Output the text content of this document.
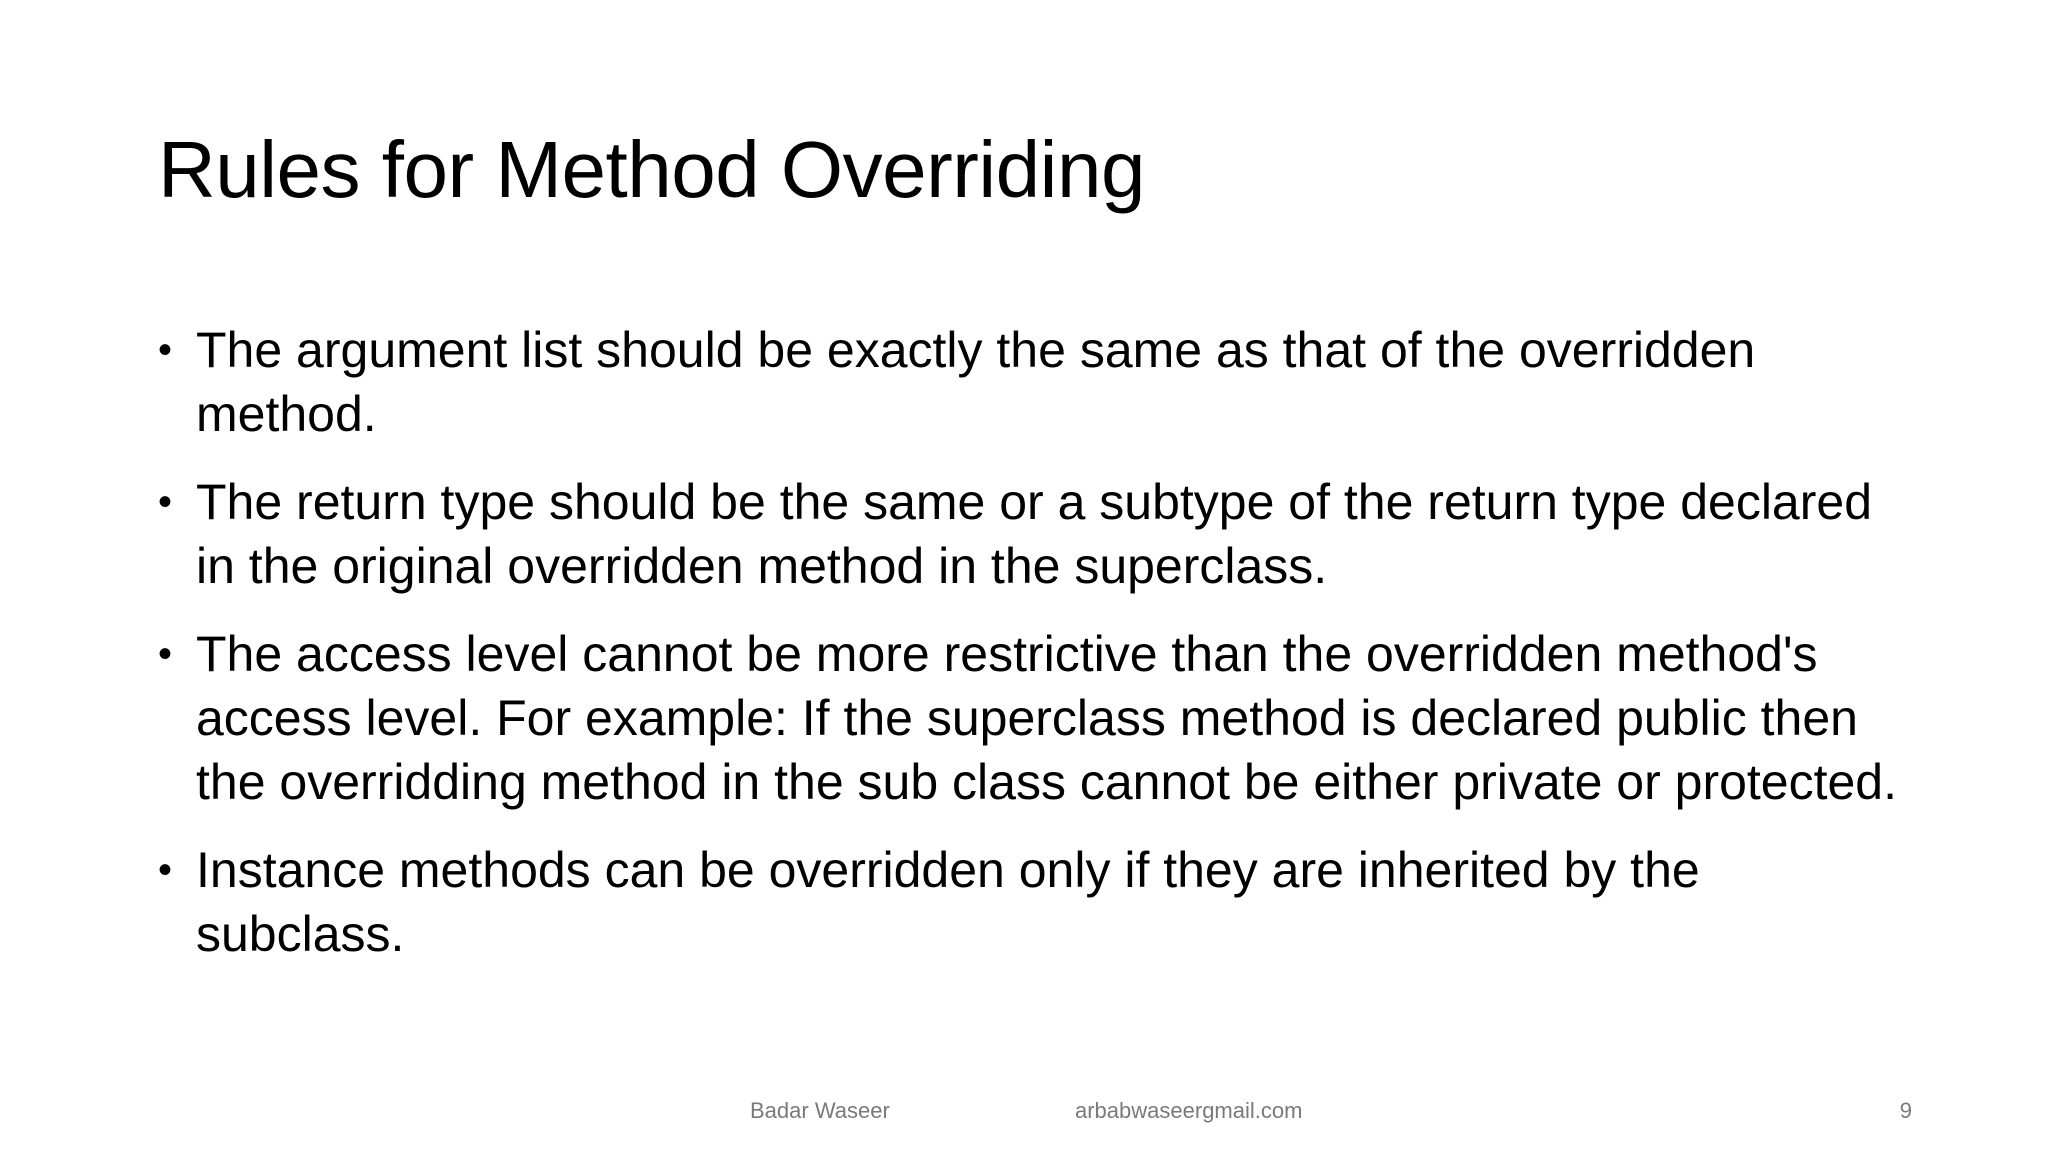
Rules for Method Overriding
• The argument list should be exactly the same as that of the overridden method.
• The return type should be the same or a subtype of the return type declared in the original overridden method in the superclass.
• The access level cannot be more restrictive than the overridden method's access level. For example: If the superclass method is declared public then the overridding method in the sub class cannot be either private or protected.
• Instance methods can be overridden only if they are inherited by the subclass.
Badar Waseer	arbabwaseergmail.com	9
